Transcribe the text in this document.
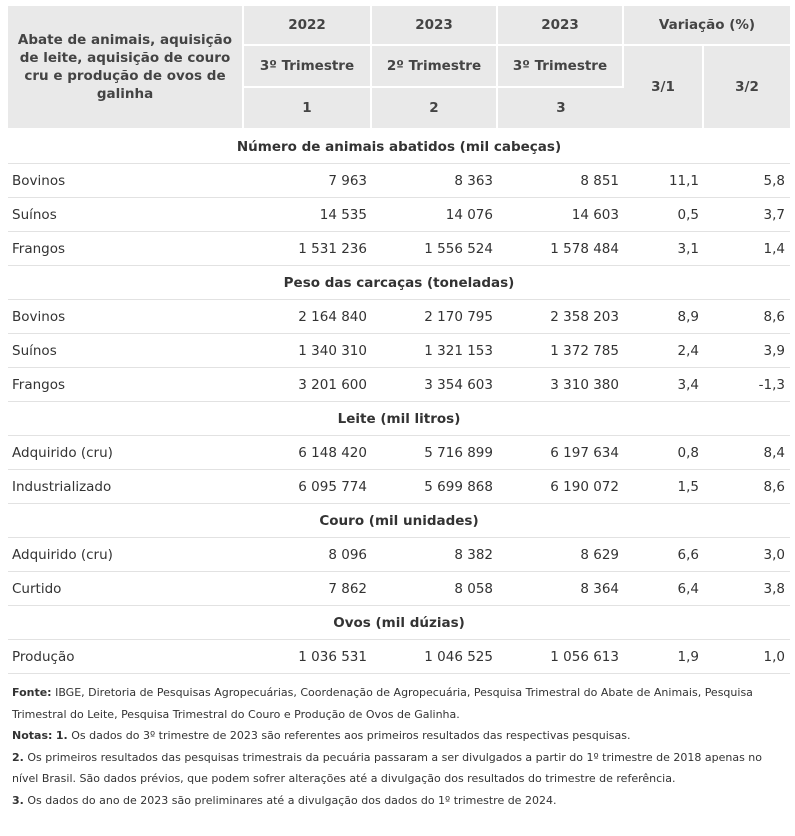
Abate de animais, aquisição de leite, aquisição de couro cru e produção de ovos de galinha	2022	2023	2023	Variação (%)	
	3º Trimestre	2º Trimestre	3º Trimestre	3/1	3/2
	1	2	3		
Número de animais abatidos (mil cabeças)					
Bovinos	7 963	8 363	8 851	11,1	5,8
Suínos	14 535	14 076	14 603	0,5	3,7
Frangos	1 531 236	1 556 524	1 578 484	3,1	1,4
Peso das carcaças (toneladas)					
Bovinos	2 164 840	2 170 795	2 358 203	8,9	8,6
Suínos	1 340 310	1 321 153	1 372 785	2,4	3,9
Frangos	3 201 600	3 354 603	3 310 380	3,4	-1,3
Leite (mil litros)					
Adquirido (cru)	6 148 420	5 716 899	6 197 634	0,8	8,4
Industrializado	6 095 774	5 699 868	6 190 072	1,5	8,6
Couro (mil unidades)					
Adquirido (cru)	8 096	8 382	8 629	6,6	3,0
Curtido	7 862	8 058	8 364	6,4	3,8
Ovos (mil dúzias)					
Produção	1 036 531	1 046 525	1 056 613	1,9	1,0
Fonte: IBGE, Diretoria de Pesquisas Agropecuárias, Coordenação de Agropecuária, Pesquisa Trimestral do Abate de Animais, Pesquisa Trimestral do Leite, Pesquisa Trimestral do Couro e Produção de Ovos de Galinha.
Notas: 1. Os dados do 3º trimestre de 2023 são referentes aos primeiros resultados das respectivas pesquisas.
2. Os primeiros resultados das pesquisas trimestrais da pecuária passaram a ser divulgados a partir do 1º trimestre de 2018 apenas no nível Brasil. São dados prévios, que podem sofrer alterações até a divulgação dos resultados do trimestre de referência.
3. Os dados do ano de 2023 são preliminares até a divulgação dos dados do 1º trimestre de 2024.
